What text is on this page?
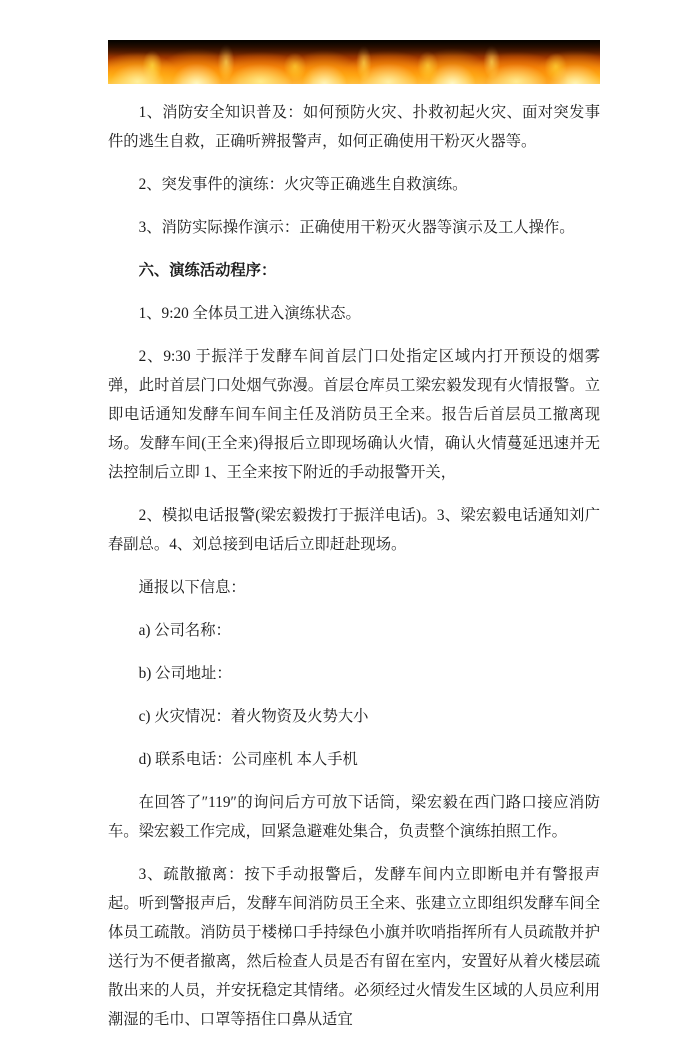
1、消防安全知识普及：如何预防火灾、扑救初起火灾、面对突发事件的逃生自救，正确听辨报警声，如何正确使用干粉灭火器等。

2、突发事件的演练：火灾等正确逃生自救演练。

3、消防实际操作演示：正确使用干粉灭火器等演示及工人操作。

六、演练活动程序：

1、9:20 全体员工进入演练状态。

2、9:30 于振洋于发酵车间首层门口处指定区域内打开预设的烟雾弹，此时首层门口处烟气弥漫。首层仓库员工梁宏毅发现有火情报警。立即电话通知发酵车间车间主任及消防员王全来。报告后首层员工撤离现场。发酵车间(王全来)得报后立即现场确认火情，确认火情蔓延迅速并无法控制后立即 1、王全来按下附近的手动报警开关，

2、模拟电话报警(梁宏毅拨打于振洋电话)。3、梁宏毅电话通知刘广春副总。4、刘总接到电话后立即赶赴现场。

通报以下信息：

a) 公司名称：

b) 公司地址：

c) 火灾情况：着火物资及火势大小

d) 联系电话：公司座机 本人手机

在回答了″119″的询问后方可放下话筒，梁宏毅在西门路口接应消防车。梁宏毅工作完成，回紧急避难处集合，负责整个演练拍照工作。

3、疏散撤离：按下手动报警后，发酵车间内立即断电并有警报声起。听到警报声后，发酵车间消防员王全来、张建立立即组织发酵车间全体员工疏散。消防员于楼梯口手持绿色小旗并吹哨指挥所有人员疏散并护送行为不便者撤离，然后检查人员是否有留在室内，安置好从着火楼层疏散出来的人员，并安抚稳定其情绪。必须经过火情发生区域的人员应利用潮湿的毛巾、口罩等捂住口鼻从适宜
